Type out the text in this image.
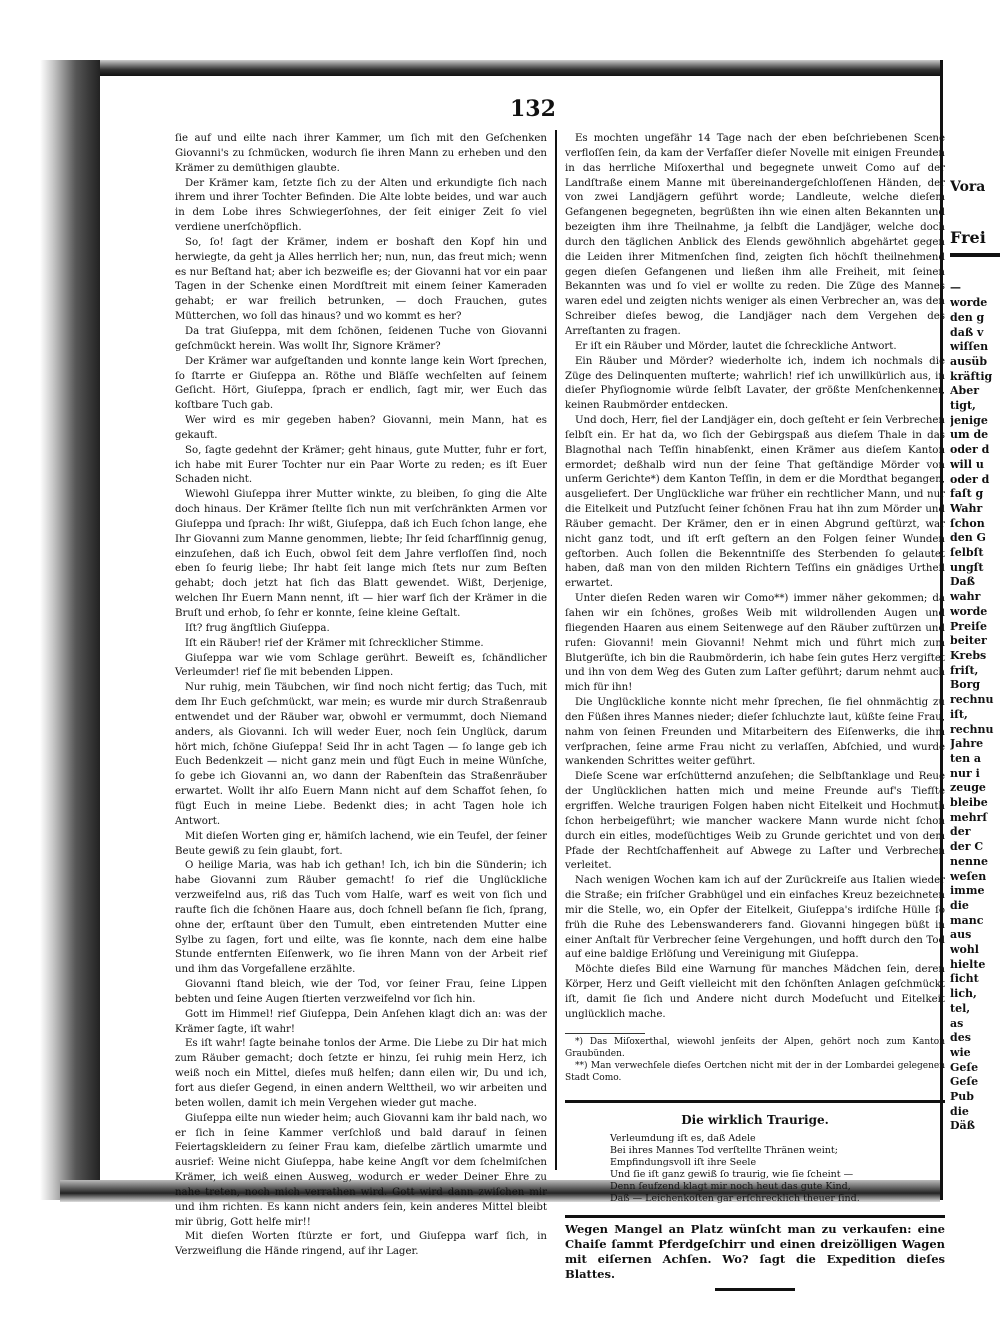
132

ſie auf und eilte nach ihrer Kammer, um ſich mit den Geſchenken Giovanni's zu ſchmücken, wodurch ſie ihren Mann zu erheben und den Krämer zu demüthigen glaubte.

Der Krämer kam, ſetzte ſich zu der Alten und erkundigte ſich nach ihrem und ihrer Tochter Befinden. Die Alte lobte beides, und war auch in dem Lobe ihres Schwiegerſohnes, der ſeit einiger Zeit ſo viel verdiene unerſchöpflich.

So, ſo! ſagt der Krämer, indem er boshaft den Kopf hin und herwiegte, da geht ja Alles herrlich her; nun, nun, das freut mich; wenn es nur Beſtand hat; aber ich bezweifle es; der Giovanni hat vor ein paar Tagen in der Schenke einen Mordſtreit mit einem ſeiner Kameraden gehabt; er war freilich betrunken, — doch Frauchen, gutes Mütterchen, wo ſoll das hinaus? und wo kommt es her?

Da trat Giuſeppa, mit dem ſchönen, ſeidenen Tuche von Giovanni geſchmückt herein. Was wollt Ihr, Signore Krämer?

Der Krämer war aufgeſtanden und konnte lange kein Wort ſprechen, ſo ſtarrte er Giuſeppa an. Röthe und Bläſſe wechſelten auf ſeinem Geſicht. Hört, Giuſeppa, ſprach er endlich, ſagt mir, wer Euch das koſtbare Tuch gab.

Wer wird es mir gegeben haben? Giovanni, mein Mann, hat es gekauft.

So, ſagte gedehnt der Krämer; geht hinaus, gute Mutter, fuhr er fort, ich habe mit Eurer Tochter nur ein Paar Worte zu reden; es iſt Euer Schaden nicht.

Wiewohl Giuſeppa ihrer Mutter winkte, zu bleiben, ſo ging die Alte doch hinaus. Der Krämer ſtellte ſich nun mit verſchränkten Armen vor Giuſeppa und ſprach: Ihr wißt, Giuſeppa, daß ich Euch ſchon lange, ehe Ihr Giovanni zum Manne genommen, liebte; Ihr ſeid ſcharfſinnig genug, einzuſehen, daß ich Euch, obwol ſeit dem Jahre verfloſſen ſind, noch eben ſo feurig liebe; Ihr habt ſeit lange mich ſtets nur zum Beſten gehabt; doch jetzt hat ſich das Blatt gewendet. Wißt, Derjenige, welchen Ihr Euern Mann nennt, iſt — hier warf ſich der Krämer in die Bruſt und erhob, ſo ſehr er konnte, ſeine kleine Geſtalt.

Iſt? frug ängſtlich Giuſeppa.

Iſt ein Räuber! rief der Krämer mit ſchrecklicher Stimme.

Giuſeppa war wie vom Schlage gerührt. Beweiſt es, ſchändlicher Verleumder! rief ſie mit bebenden Lippen.

Nur ruhig, mein Täubchen, wir ſind noch nicht fertig; das Tuch, mit dem Ihr Euch geſchmückt, war mein; es wurde mir durch Straßenraub entwendet und der Räuber war, obwohl er vermummt, doch Niemand anders, als Giovanni. Ich will weder Euer, noch ſein Unglück, darum hört mich, ſchöne Giuſeppa! Seid Ihr in acht Tagen — ſo lange geb ich Euch Bedenkzeit — nicht ganz mein und fügt Euch in meine Wünſche, ſo gebe ich Giovanni an, wo dann der Rabenſtein das Straßenräuber erwartet. Wollt ihr alſo Euern Mann nicht auf dem Schaffot ſehen, ſo fügt Euch in meine Liebe. Bedenkt dies; in acht Tagen hole ich Antwort.

Mit dieſen Worten ging er, hämiſch lachend, wie ein Teufel, der ſeiner Beute gewiß zu ſein glaubt, fort.

O heilige Maria, was hab ich gethan! Ich, ich bin die Sünderin; ich habe Giovanni zum Räuber gemacht! ſo rief die Unglückliche verzweifelnd aus, riß das Tuch vom Halſe, warf es weit von ſich und raufte ſich die ſchönen Haare aus, doch ſchnell beſann ſie ſich, ſprang, ohne der, erſtaunt über den Tumult, eben eintretenden Mutter eine Sylbe zu ſagen, fort und eilte, was ſie konnte, nach dem eine halbe Stunde entfernten Eiſenwerk, wo ſie ihren Mann von der Arbeit rief und ihm das Vorgefallene erzählte.

Giovanni ſtand bleich, wie der Tod, vor ſeiner Frau, ſeine Lippen bebten und ſeine Augen ſtierten verzweifelnd vor ſich hin.

Gott im Himmel! rief Giuſeppa, Dein Anſehen klagt dich an: was der Krämer ſagte, iſt wahr!

Es iſt wahr! ſagte beinahe tonlos der Arme. Die Liebe zu Dir hat mich zum Räuber gemacht; doch ſetzte er hinzu, ſei ruhig mein Herz, ich weiß noch ein Mittel, dieſes muß helfen; dann eilen wir, Du und ich, fort aus dieſer Gegend, in einen andern Welttheil, wo wir arbeiten und beten wollen, damit ich mein Vergehen wieder gut mache.

Giuſeppa eilte nun wieder heim; auch Giovanni kam ihr bald nach, wo er ſich in ſeine Kammer verſchloß und bald darauf in ſeinen Feiertagskleidern zu ſeiner Frau kam, dieſelbe zärtlich umarmte und ausrief: Weine nicht Giuſeppa, habe keine Angſt vor dem ſchelmiſchen Krämer, ich weiß einen Ausweg, wodurch er weder Deiner Ehre zu nahe treten, noch mich verrathen wird. Gott wird dann zwiſchen mir und ihm richten. Es kann nicht anders ſein, kein anderes Mittel bleibt mir übrig, Gott helfe mir!!

Mit dieſen Worten ſtürzte er fort, und Giuſeppa warf ſich, in Verzweiflung die Hände ringend, auf ihr Lager.

Es mochten ungefähr 14 Tage nach der eben beſchriebenen Scene verfloſſen ſein, da kam der Verfaſſer dieſer Novelle mit einigen Freunden in das herrliche Miſoxerthal und begegnete unweit Como auf der Landſtraße einem Manne mit übereinandergeſchloſſenen Händen, der von zwei Landjägern geführt worde; Landleute, welche dieſem Gefangenen begegneten, begrüßten ihn wie einen alten Bekannten und bezeigten ihm ihre Theilnahme, ja ſelbſt die Landjäger, welche doch durch den täglichen Anblick des Elends gewöhnlich abgehärtet gegen die Leiden ihrer Mitmenſchen ſind, zeigten ſich höchſt theilnehmend gegen dieſen Gefangenen und ließen ihm alle Freiheit, mit ſeinen Bekannten was und ſo viel er wollte zu reden. Die Züge des Mannes waren edel und zeigten nichts weniger als einen Verbrecher an, was den Schreiber dieſes bewog, die Landjäger nach dem Vergehen des Arreſtanten zu fragen.

Er iſt ein Räuber und Mörder, lautet die ſchreckliche Antwort.

Ein Räuber und Mörder? wiederholte ich, indem ich nochmals die Züge des Delinquenten muſterte; wahrlich! rief ich unwillkürlich aus, in dieſer Phyſiognomie würde ſelbſt Lavater, der größte Menſchenkenner, keinen Raubmörder entdecken.

Und doch, Herr, fiel der Landjäger ein, doch geſteht er ſein Verbrechen ſelbſt ein. Er hat da, wo ſich der Gebirgspaß aus dieſem Thale in das Blagnothal nach Teſſin hinabſenkt, einen Krämer aus dieſem Kanton ermordet; deßhalb wird nun der ſeine That geſtändige Mörder von unſerm Gerichte*) dem Kanton Teſſin, in dem er die Mordthat begangen, ausgeliefert. Der Unglückliche war früher ein rechtlicher Mann, und nur die Eitelkeit und Putzſucht ſeiner ſchönen Frau hat ihn zum Mörder und Räuber gemacht. Der Krämer, den er in einen Abgrund geſtürzt, war nicht ganz todt, und iſt erſt geſtern an den Folgen ſeiner Wunden geſtorben. Auch ſollen die Bekenntniſſe des Sterbenden ſo gelautet haben, daß man von den milden Richtern Teſſins ein gnädiges Urtheil erwartet.

Unter dieſen Reden waren wir Como**) immer näher gekommen; da ſahen wir ein ſchönes, großes Weib mit wildrollenden Augen und fliegenden Haaren aus einem Seitenwege auf den Räuber zuſtürzen und rufen: Giovanni! mein Giovanni! Nehmt mich und führt mich zum Blutgerüſte, ich bin die Raubmörderin, ich habe ſein gutes Herz vergiftet und ihn von dem Weg des Guten zum Laſter geführt; darum nehmt auch mich für ihn!

Die Unglückliche konnte nicht mehr ſprechen, ſie fiel ohnmächtig zu den Füßen ihres Mannes nieder; dieſer ſchluchzte laut, küßte ſeine Frau, nahm von ſeinen Freunden und Mitarbeitern des Eiſenwerks, die ihm verſprachen, ſeine arme Frau nicht zu verlaſſen, Abſchied, und wurde wankenden Schrittes weiter geführt.

Dieſe Scene war erſchütternd anzuſehen; die Selbſtanklage und Reue der Unglücklichen hatten mich und meine Freunde auf's Tiefſte ergriffen. Welche traurigen Folgen haben nicht Eitelkeit und Hochmuth ſchon herbeigeführt; wie mancher wackere Mann wurde nicht ſchon durch ein eitles, modeſüchtiges Weib zu Grunde gerichtet und von dem Pfade der Rechtſchaffenheit auf Abwege zu Laſter und Verbrechen verleitet.

Nach wenigen Wochen kam ich auf der Zurückreiſe aus Italien wieder die Straße; ein friſcher Grabhügel und ein einfaches Kreuz bezeichneten mir die Stelle, wo, ein Opfer der Eitelkeit, Giuſeppa's irdiſche Hülle ſo früh die Ruhe des Lebenswanderers fand. Giovanni hingegen büßt in einer Anſtalt für Verbrecher ſeine Vergehungen, und hofft durch den Tod auf eine baldige Erlöſung und Vereinigung mit Giuſeppa.

Möchte dieſes Bild eine Warnung für manches Mädchen ſein, deren Körper, Herz und Geiſt vielleicht mit den ſchönſten Anlagen geſchmückt iſt, damit ſie ſich und Andere nicht durch Modeſucht und Eitelkeit unglücklich mache.

*) Das Miſoxerthal, wiewohl jenſeits der Alpen, gehört noch zum Kanton Graubünden.

**) Man verwechſele dieſes Oertchen nicht mit der in der Lombardei gelegenen Stadt Como.

Die wirklich Traurige.
Verleumdung iſt es, daß Adele
Bei ihres Mannes Tod verſtellte Thränen weint;
Empfindungsvoll iſt ihre Seele
Und ſie iſt ganz gewiß ſo traurig, wie ſie ſcheint —
Denn ſeufzend klagt mir noch heut das gute Kind,
Daß — Leichenkoſten gar erſchrecklich theuer ſind.
Wegen Mangel an Platz wünſcht man zu verkaufen: eine Chaiſe ſammt Pferdgeſchirr und einen dreizölligen Wagen mit eiſernen Achſen. Wo? ſagt die Expedition dieſes Blattes.
Vora
Frei
—
worde
den g
daß v
wiſſen
ausüb
kräftig
Aber
tigt,
jenige
um de
oder d
will u
oder d
faſt g
Wahr
ſchon
den G
ſelbſt
ungſt
Daß
wahr
worde
Preiſe
beiter
Krebs
friſt,
Borg
rechnu
iſt,
rechnu
Jahre
ten a
nur i
zeuge
bleibe
mehrſ
der
der C
nenne
weſen
imme
die
manc
aus
wohl
hielte
ſicht
lich,
tel,
as
des
wie
Geſe
Geſe
Pub
die
Däß
